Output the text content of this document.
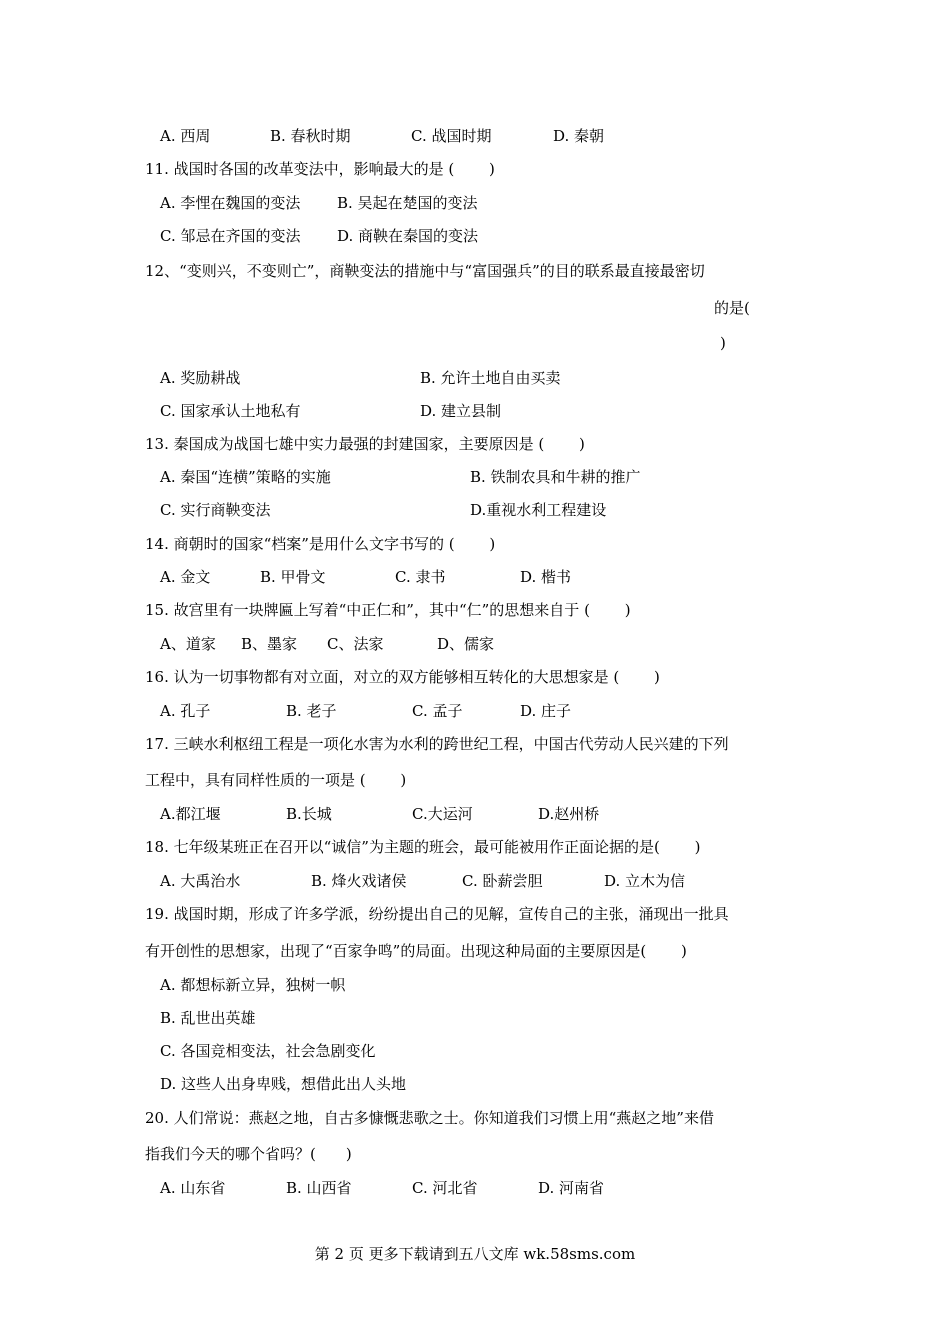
A. 西周	B. 春秋时期	C. 战国时期	D. 秦朝
11. 战国时各国的改革变法中，影响最大的是 (　　 )
A. 李悝在魏国的变法 B. 吴起在楚国的变法
C. 邹忌在齐国的变法 D. 商鞅在秦国的变法
12、“变则兴，不变则亡”，商鞅变法的措施中与“富国强兵”的目的联系最直接最密切
的是(
)
A. 奖励耕战	B. 允许土地自由买卖
C. 国家承认土地私有	D. 建立县制
13. 秦国成为战国七雄中实力最强的封建国家，主要原因是 (　　 )
A. 秦国“连横”策略的实施	B. 铁制农具和牛耕的推广
C. 实行商鞅变法	D.重视水利工程建设
14. 商朝时的国家“档案”是用什么文字书写的 (　　 )
A. 金文	B. 甲骨文	C. 隶书	D. 楷书
15. 故宫里有一块牌匾上写着“中正仁和”，其中“仁”的思想来自于 (　　 )
A、道家 B、墨家 C、法家	D、儒家
16. 认为一切事物都有对立面，对立的双方能够相互转化的大思想家是 (　　 )
A. 孔子	B. 老子	C. 孟子	D. 庄子
17. 三峡水利枢纽工程是一项化水害为水利的跨世纪工程，中国古代劳动人民兴建的下列
工程中，具有同样性质的一项是 (　　 )
A.都江堰	B.长城	C.大运河	D.赵州桥
18. 七年级某班正在召开以“诚信”为主题的班会，最可能被用作正面论据的是(　　 )
A. 大禹治水	B. 烽火戏诸侯	C. 卧薪尝胆	D. 立木为信
19. 战国时期，形成了许多学派，纷纷提出自己的见解，宣传自己的主张，涌现出一批具
有开创性的思想家，出现了“百家争鸣”的局面。出现这种局面的主要原因是(　　 )
A. 都想标新立异，独树一帜
B. 乱世出英雄
C. 各国竞相变法，社会急剧变化
D. 这些人出身卑贱，想借此出人头地
20. 人们常说：燕赵之地，自古多慷慨悲歌之士。你知道我们习惯上用“燕赵之地”来借
指我们今天的哪个省吗？(　　)
A. 山东省	B. 山西省	C. 河北省	D. 河南省
第 2 页 更多下载请到五八文库 wk.58sms.com
